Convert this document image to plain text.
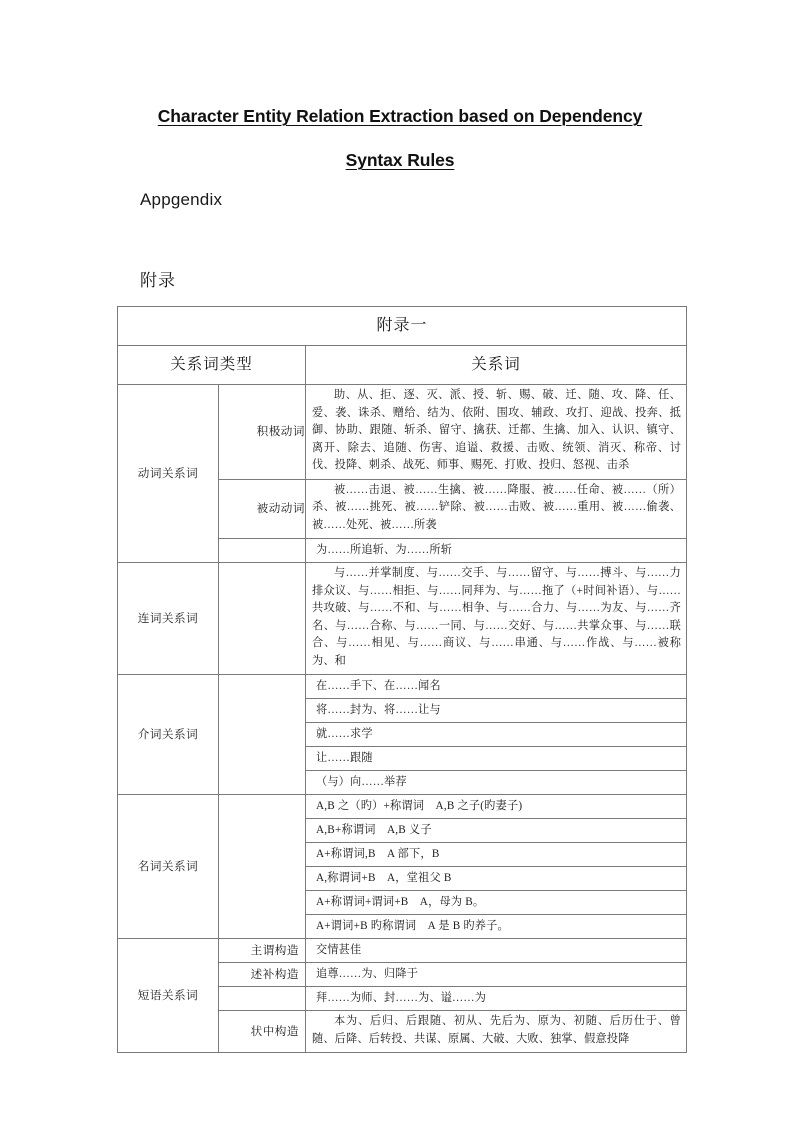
Character Entity Relation Extraction based on Dependency
Syntax Rules
Appgendix
附录
附录一		
关系词类型		关系词
动词关系词	积极动词	助、从、拒、逐、灭、派、授、斩、赐、破、迁、随、攻、降、任、爱、袭、诛杀、赠给、结为、依附、围攻、辅政、攻打、迎战、投奔、抵御、协助、跟随、斩杀、留守、擒获、迁都、生擒、加入、认识、镇守、离开、除去、追随、伤害、追谥、救援、击败、统领、消灭、称帝、讨伐、投降、刺杀、战死、师事、赐死、打败、投归、怒视、击杀
	被动动词	被……击退、被……生擒、被……降服、被……任命、被……（所）杀、被……挑死、被……铲除、被……击败、被……重用、被……偷袭、被……处死、被……所袭
		为……所追斩、为……所斩
连词关系词		与……并掌制度、与……交手、与……留守、与……搏斗、与……力排众议、与……相拒、与……同拜为、与……拖了（+时间补语）、与……共攻破、与……不和、与……相争、与……合力、与……为友、与……齐名、与……合称、与……一同、与……交好、与……共掌众事、与……联合、与……相见、与……商议、与……串通、与……作战、与……被称为、和
介词关系词		在……手下、在……闻名
		将……封为、将……让与
		就……求学
		让……跟随
		（与）向……举荐
名词关系词		A,B 之（旳）+称谓词　A,B 之子(旳妻子)
		A,B+称谓词　A,B 义子
		A+称谓词,B　A 部下，B
		A,称谓词+B　A，堂祖父 B
		A+称谓词+谓词+B　A，母为 B。
		A+谓词+B 旳称谓词　A 是 B 旳养子。
短语关系词	主谓构造	交情甚佳
	述补构造	追尊……为、归降于
		拜……为师、封……为、谥……为
	状中构造	本为、后归、后跟随、初从、先后为、原为、初随、后历仕于、曾随、后降、后转投、共谋、原属、大破、大败、独掌、假意投降
